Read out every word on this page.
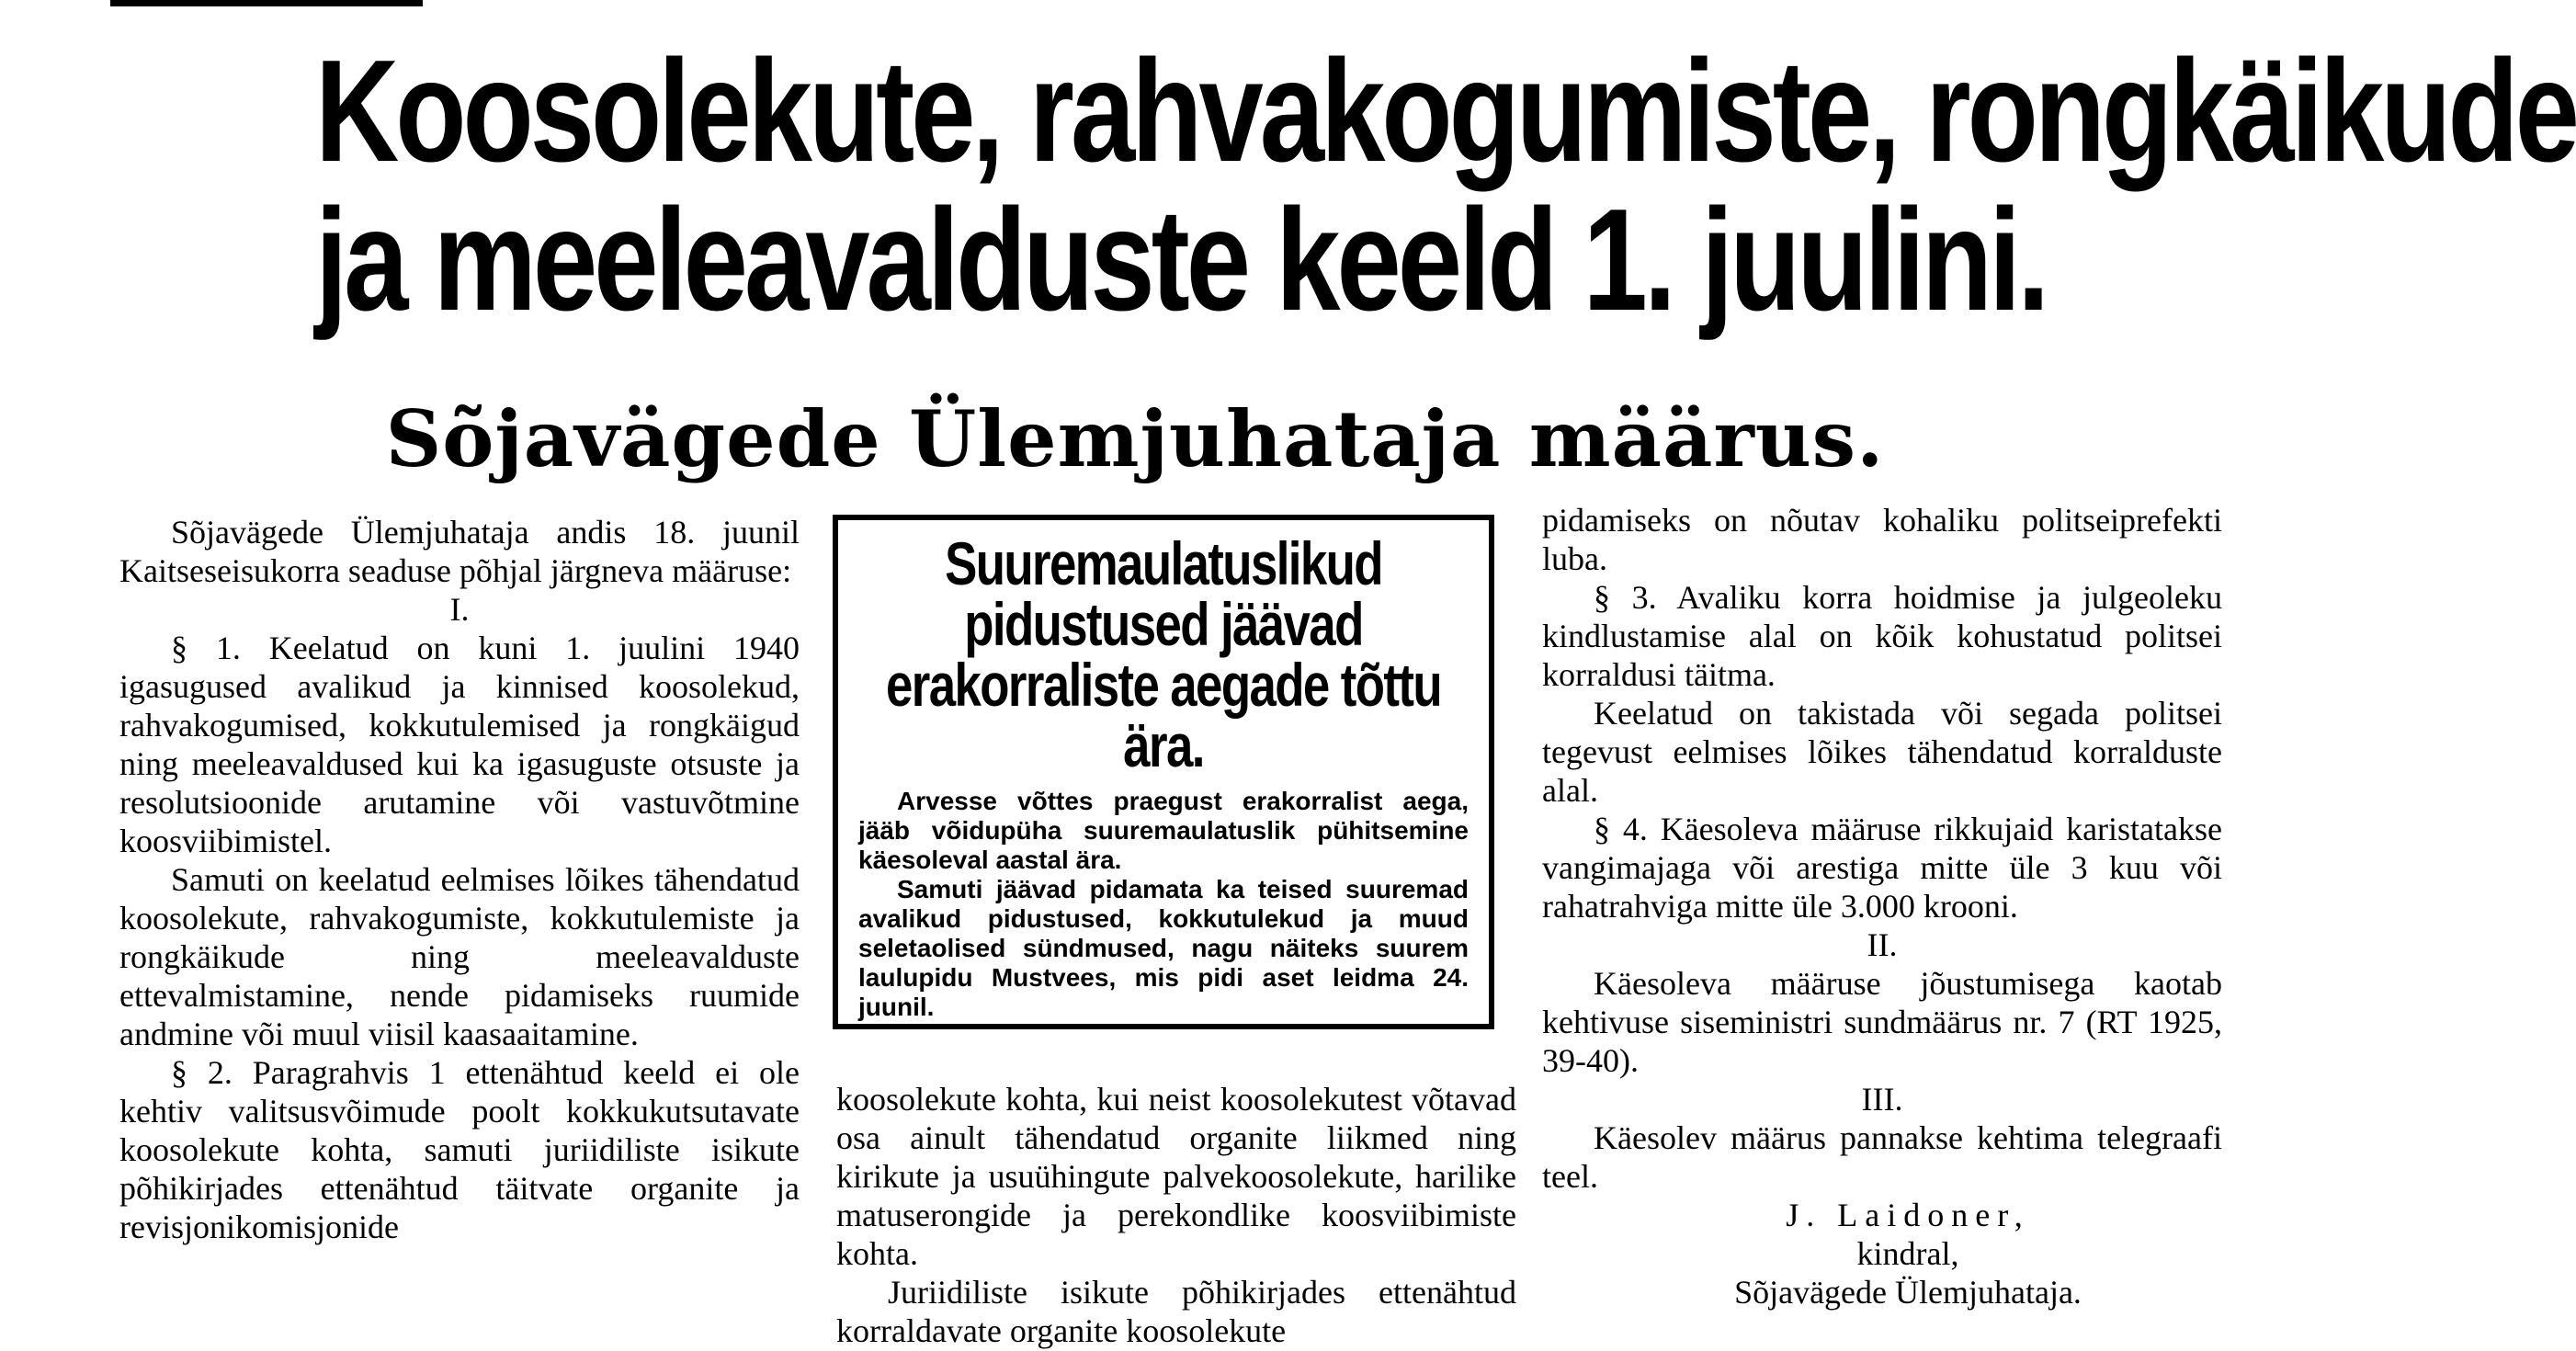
Koosolekute, rahvakogumiste, rongkäikude
ja meeleavalduste keeld 1. juulini.
Sõjavägede Ülemjuhataja määrus.

Sõjavägede Ülemjuhataja andis 18. juunil Kaitseseisukorra seaduse põhjal järgneva määruse:

I.

§ 1. Keelatud on kuni 1. juulini 1940 igasugused avalikud ja kinnised koosolekud, rahvakogumised, kokkutulemised ja rongkäigud ning meeleavaldused kui ka igasuguste otsuste ja resolutsioonide arutamine või vastuvõtmine koosviibimistel.

Samuti on keelatud eelmises lõikes tähendatud koosolekute, rahvakogumiste, kokkutulemiste ja rongkäikude ning meeleavalduste ettevalmistamine, nende pidamiseks ruumide andmine või muul viisil kaasaaitamine.

§ 2. Paragrahvis 1 ettenähtud keeld ei ole kehtiv valitsusvõimude poolt kokkukutsutavate koosolekute kohta, samuti juriidiliste isikute põhikirjades ettenähtud täitvate organite ja revisjonikomisjonide

Suuremaulatuslikud pidustused jäävad erakorraliste aegade tõttu ära.

Arvesse võttes praegust erakorralist aega, jääb võidupüha suuremaulatuslik pühitsemine käesoleval aastal ära.

Samuti jäävad pidamata ka teised suuremad avalikud pidustused, kokkutulekud ja muud seletaolised sündmused, nagu näiteks suurem laulupidu Mustvees, mis pidi aset leidma 24. juunil.

koosolekute kohta, kui neist koosolekutest võtavad osa ainult tähendatud organite liikmed ning kirikute ja usuühingute palvekoosolekute, harilike matuserongide ja perekondlike koosviibimiste kohta.

Juriidiliste isikute põhikirjades ettenähtud korraldavate organite koosolekute

pidamiseks on nõutav kohaliku politseiprefekti luba.

§ 3. Avaliku korra hoidmise ja julgeoleku kindlustamise alal on kõik kohustatud politsei korraldusi täitma.

Keelatud on takistada või segada politsei tegevust eelmises lõikes tähendatud korralduste alal.

§ 4. Käesoleva määruse rikkujaid karistatakse vangimajaga või arestiga mitte üle 3 kuu või rahatrahviga mitte üle 3.000 krooni.

II.

Käesoleva määruse jõustumisega kaotab kehtivuse siseministri sundmäärus nr. 7 (RT 1925, 39-40).

III.

Käesolev määrus pannakse kehtima telegraafi teel.

J. Laidoner,

kindral,

Sõjavägede Ülemjuhataja.
